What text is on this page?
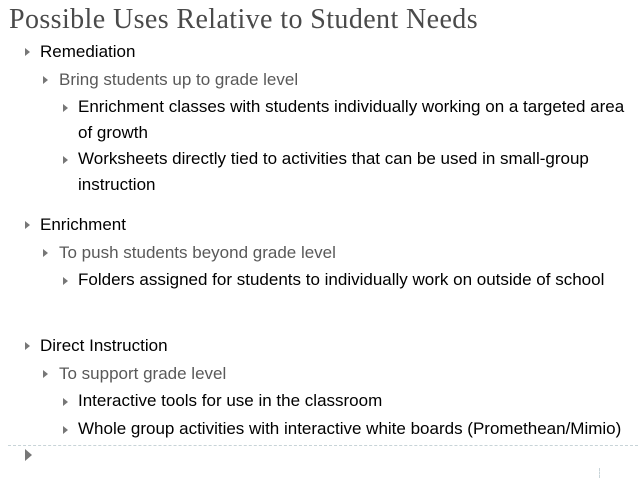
Possible Uses Relative to Student Needs
Remediation
Bring students up to grade level
Enrichment classes with students individually working on a targeted area of growth
Worksheets directly tied to activities that can be used in small-group instruction
Enrichment
To push students beyond grade level
Folders assigned for students to individually work on outside of school
Direct Instruction
To support grade level
Interactive tools for use in the classroom
Whole group activities with interactive white boards (Promethean/Mimio)
